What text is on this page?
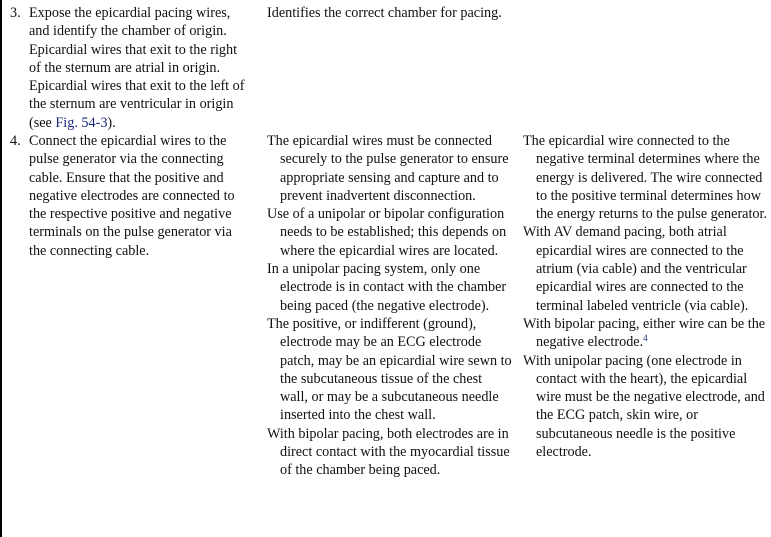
3. Expose the epicardial pacing wires, and identify the chamber of origin. Epicardial wires that exit to the right of the sternum are atrial in origin. Epicardial wires that exit to the left of the sternum are ventricular in origin (see Fig. 54-3).
Identifies the correct chamber for pacing.
4. Connect the epicardial wires to the pulse generator via the connecting cable. Ensure that the positive and negative electrodes are connected to the respective positive and negative terminals on the pulse generator via the connecting cable.
The epicardial wires must be connected securely to the pulse generator to ensure appropriate sensing and capture and to prevent inadvertent disconnection.
Use of a unipolar or bipolar configuration needs to be established; this depends on where the epicardial wires are located.
In a unipolar pacing system, only one electrode is in contact with the chamber being paced (the negative electrode).
The positive, or indifferent (ground), electrode may be an ECG electrode patch, may be an epicardial wire sewn to the subcutaneous tissue of the chest wall, or may be a subcutaneous needle inserted into the chest wall.
With bipolar pacing, both electrodes are in direct contact with the myocardial tissue of the chamber being paced.
The epicardial wire connected to the negative terminal determines where the energy is delivered. The wire connected to the positive terminal determines how the energy returns to the pulse generator.
With AV demand pacing, both atrial epicardial wires are connected to the atrium (via cable) and the ventricular epicardial wires are connected to the terminal labeled ventricle (via cable).
With bipolar pacing, either wire can be the negative electrode.$^4$
With unipolar pacing (one electrode in contact with the heart), the epicardial wire must be the negative electrode, and the ECG patch, skin wire, or subcutaneous needle is the positive electrode.
